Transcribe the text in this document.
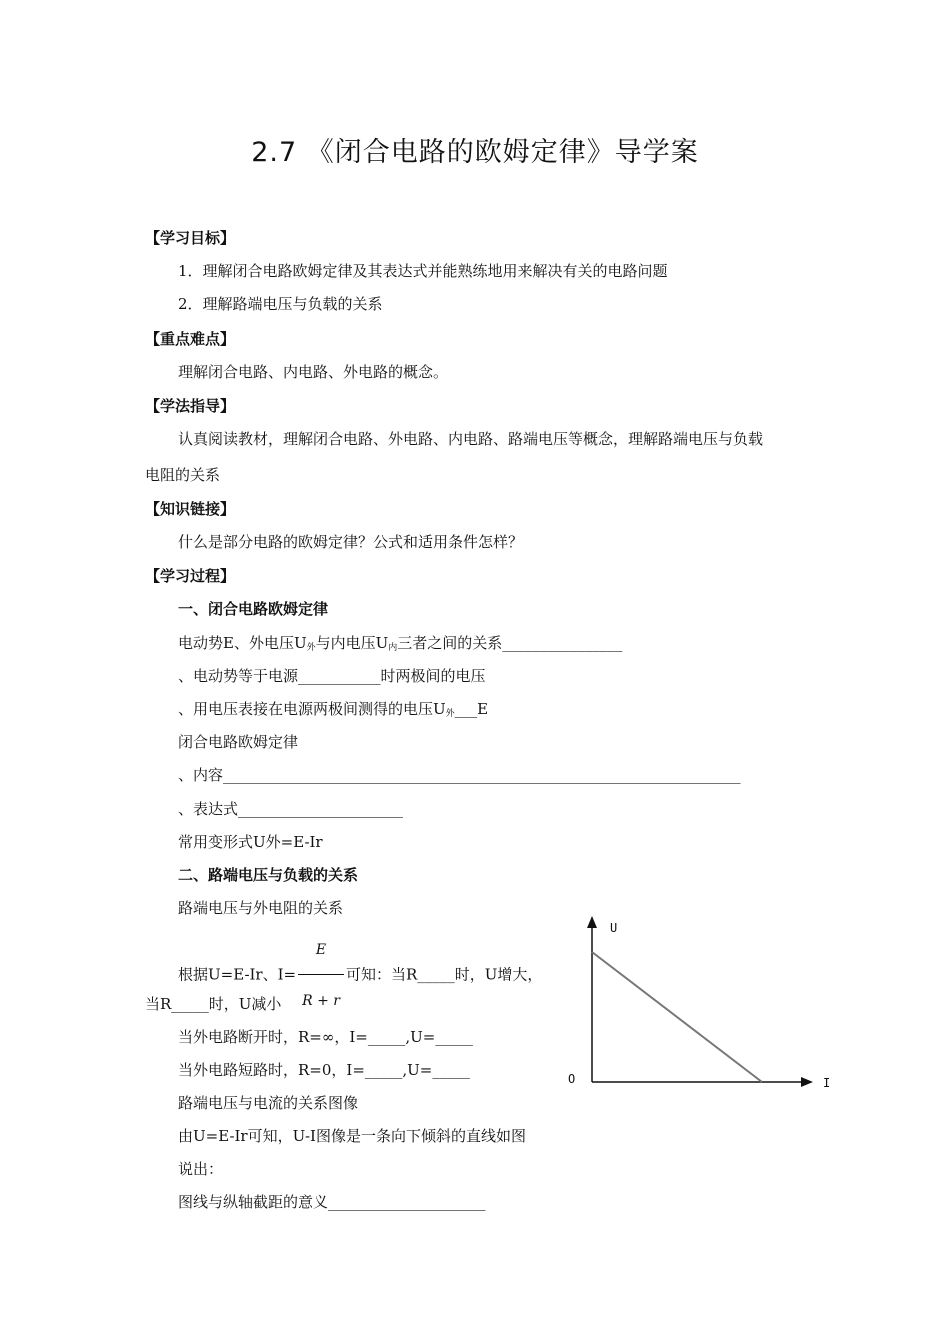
2.7 《闭合电路的欧姆定律》导学案
【学习目标】
1．理解闭合电路欧姆定律及其表达式并能熟练地用来解决有关的电路问题
2．理解路端电压与负载的关系
【重点难点】
理解闭合电路、内电路、外电路的概念。
【学法指导】
认真阅读教材，理解闭合电路、外电路、内电路、路端电压等概念，理解路端电压与负载
电阻的关系
【知识链接】
什么是部分电路的欧姆定律？公式和适用条件怎样？
【学习过程】
一、闭合电路欧姆定律
电动势E、外电压$U_外$与内电压$U_内$三者之间的关系________________
、电动势等于电源___________时两极间的电压
、用电压表接在电源两极间测得的电压$U_外\_\_\_E$
闭合电路欧姆定律
、内容_____________________________________________________________________
、表达式______________________
常用变形式U外=E-Ir
二、路端电压与负载的关系
路端电压与外电阻的关系
根据U=E-Ir、$I= \frac{E}{R + r}$ 可知：当R_____时，U增大，
当R_____时，U减小
当外电路断开时，R=∞，I=_____,U=_____
当外电路短路时，R=0，I=_____,U=_____
路端电压与电流的关系图像
由U=E-Ir可知，U-I图像是一条向下倾斜的直线如图
说出：
图线与纵轴截距的意义_____________________
U
I
O
